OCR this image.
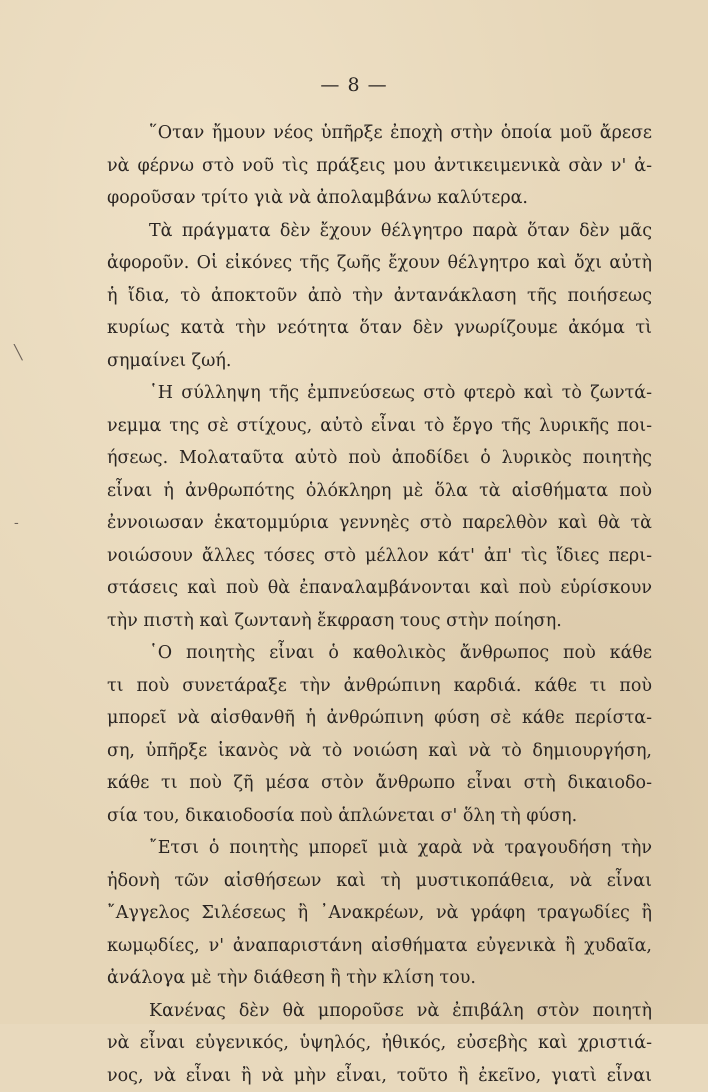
— 8 —
῞Οταν ἤμουν νέος ὑπῆρξε ἐποχὴ στὴν ὁποία μοῦ ἄρεσε
νὰ φέρνω στὸ νοῦ τὶς πράξεις μου ἀντικειμενικὰ σὰν ν' ἀ-
φοροῦσαν τρίτο γιὰ νὰ ἀπολαμβάνω καλύτερα.
Τὰ πράγματα δὲν ἔχουν θέλγητρο παρὰ ὅταν δὲν μᾶς
ἀφοροῦν. Οἱ εἰκόνες τῆς ζωῆς ἔχουν θέλγητρο καὶ ὄχι αὐτὴ
ἡ ἴδια, τὸ ἀποκτοῦν ἀπὸ τὴν ἀντανάκλαση τῆς ποιήσεως
κυρίως κατὰ τὴν νεότητα ὅταν δὲν γνωρίζουμε ἀκόμα τὶ
σημαίνει ζωή.
῾Η σύλληψη τῆς ἐμπνεύσεως στὸ φτερὸ καὶ τὸ ζωντά-
νεμμα της σὲ στίχους, αὐτὸ εἶναι τὸ ἔργο τῆς λυρικῆς ποι-
ήσεως. Μολαταῦτα αὐτὸ ποὺ ἀποδίδει ὁ λυρικὸς ποιητὴς
εἶναι ἡ ἀνθρωπότης ὁλόκληρη μὲ ὅλα τὰ αἰσθήματα ποὺ
ἐννοιωσαν ἑκατομμύρια γεννηὲς στὸ παρελθὸν καὶ θὰ τὰ
νοιώσουν ἄλλες τόσες στὸ μέλλον κάτ' ἀπ' τὶς ἴδιες περι-
στάσεις καὶ ποὺ θὰ ἐπαναλαμβάνονται καὶ ποὺ εὑρίσκουν
τὴν πιστὴ καὶ ζωντανὴ ἔκφραση τους στὴν ποίηση.
῾Ο ποιητὴς εἶναι ὁ καθολικὸς ἄνθρωπος ποὺ κάθε
τι ποὺ συνετάραξε τὴν ἀνθρώπινη καρδιά. κάθε τι ποὺ
μπορεῖ νὰ αἰσθανθῆ ἡ ἀνθρώπινη φύση σὲ κάθε περίστα-
ση, ὑπῆρξε ἱκανὸς νὰ τὸ νοιώση καὶ νὰ τὸ δημιουργήση,
κάθε τι ποὺ ζῆ μέσα στὸν ἄνθρωπο εἶναι στὴ δικαιοδο-
σία του, δικαιοδοσία ποὺ ἁπλώνεται σ' ὅλη τὴ φύση.
῎Ετσι ὁ ποιητὴς μπορεῖ μιὰ χαρὰ νὰ τραγουδήση τὴν
ἡδονὴ τῶν αἰσθήσεων καὶ τὴ μυστικοπάθεια, νὰ εἶναι
῎Αγγελος Σιλέσεως ἢ ᾿Ανακρέων, νὰ γράφη τραγωδίες ἢ
κωμῳδίες, ν' ἀναπαριστάνη αἰσθήματα εὐγενικὰ ἢ χυδαῖα,
ἀνάλογα μὲ τὴν διάθεση ἢ τὴν κλίση του.
Κανένας δὲν θὰ μποροῦσε νὰ ἐπιβάλη στὸν ποιητὴ
νὰ εἶναι εὐγενικός, ὑψηλός, ἠθικός, εὐσεβὴς καὶ χριστιά-
νος, νὰ εἶναι ἢ νὰ μὴν εἶναι, τοῦτο ἢ ἐκεῖνο, γιατὶ εἶναι
╲
-
